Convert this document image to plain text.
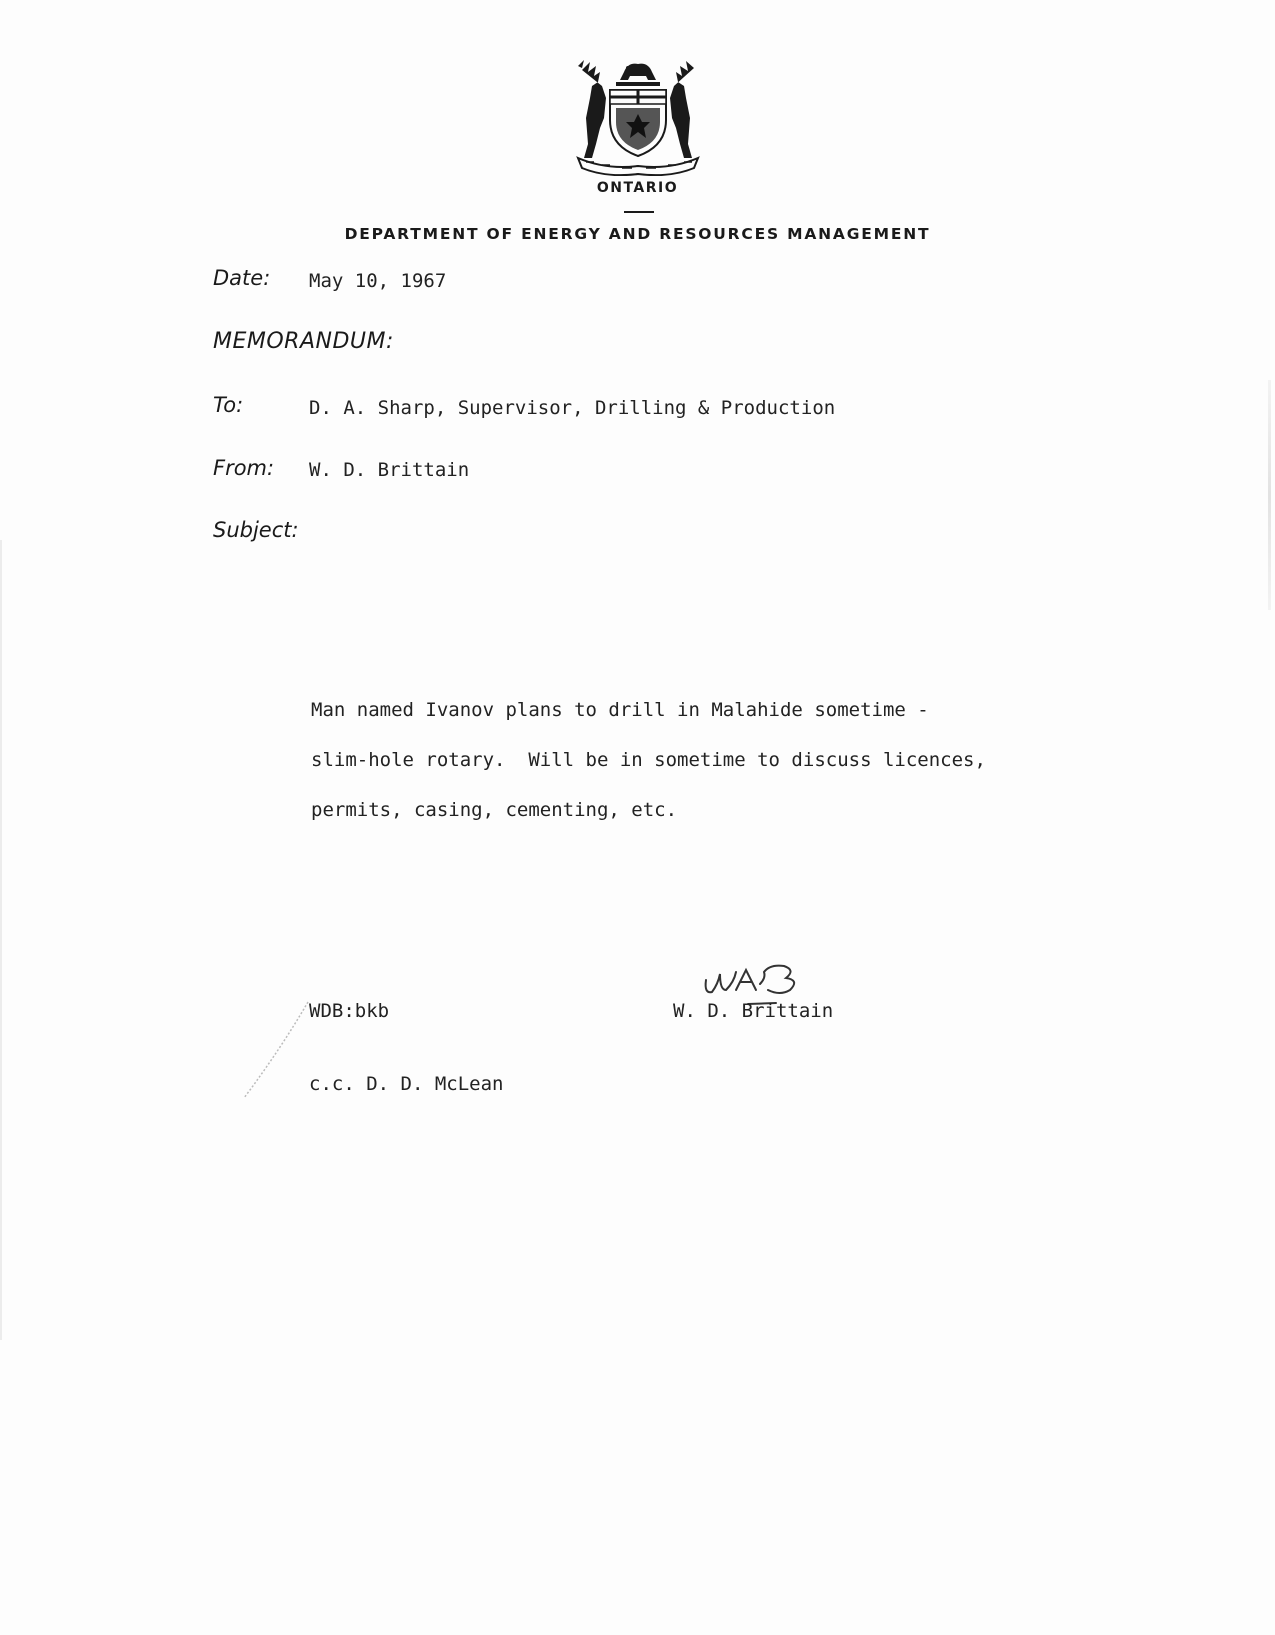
ONTARIO
DEPARTMENT OF ENERGY AND RESOURCES MANAGEMENT
Date: May 10, 1967
MEMORANDUM:
To:	D. A. Sharp, Supervisor, Drilling & Production
From: W. D. Brittain
Subject:
Man named Ivanov plans to drill in Malahide sometime -
slim-hole rotary.  Will be in sometime to discuss licences,
permits, casing, cementing, etc.
WDB:bkb	W. D. Brittain
c.c. D. D. McLean
